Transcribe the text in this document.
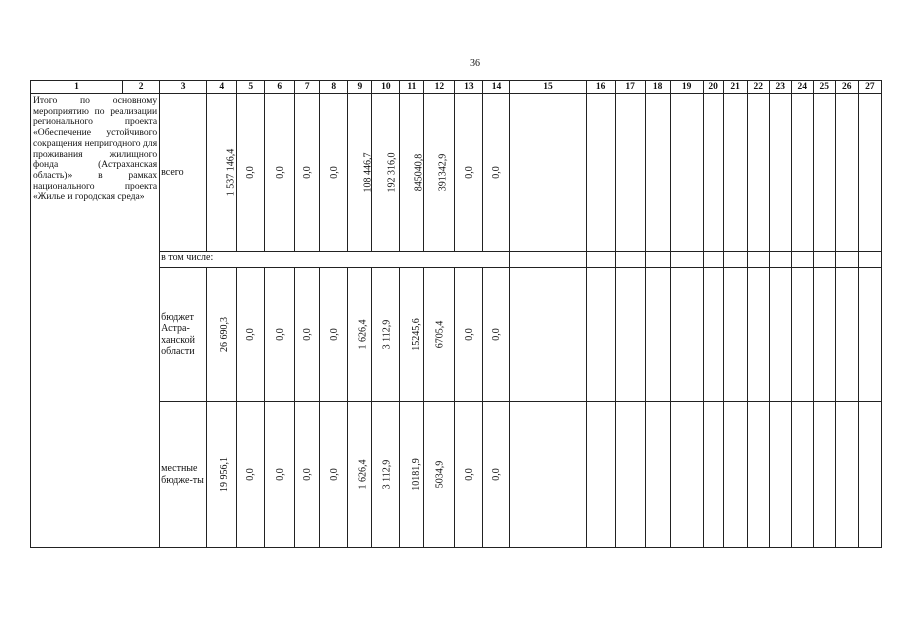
36
1	2	3	4	5	6	7	8	9	10	11	12	13	14	15	16	17	18	19	20	21	22	23	24	25	26	27
Итого по основному мероприятию по реализации регионального проекта «Обеспечение устойчивого сокращения непригодного для проживания жилищного фонда (Астраханская область)» в рамках национального проекта «Жилье и городская среда»		всего	1 537 146,4	0,0	0,0	0,0	0,0	108 446,7	192 316,0	845040,8	391342,9	0,0	0,0													
		в том числе:																								
		бюджет Астра-ханской области	26 690,3	0,0	0,0	0,0	0,0	1 626,4	3 112,9	15245,6	6705,4	0,0	0,0													
		местные бюдже-ты	19 956,1	0,0	0,0	0,0	0,0	1 626,4	3 112,9	10181,9	5034,9	0,0	0,0													
